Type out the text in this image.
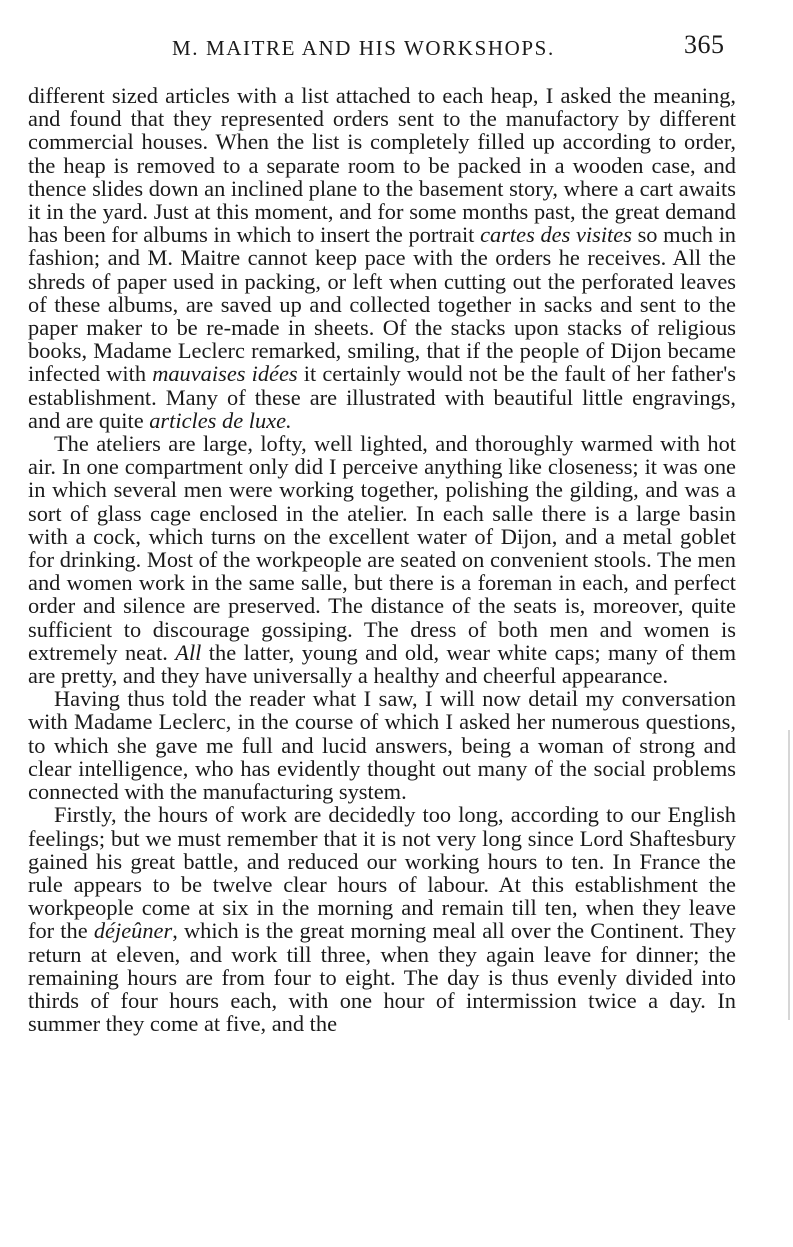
M. MAITRE AND HIS WORKSHOPS.	365

different sized articles with a list attached to each heap, I asked the meaning, and found that they represented orders sent to the manufactory by different commercial houses. When the list is completely filled up according to order, the heap is removed to a separate room to be packed in a wooden case, and thence slides down an inclined plane to the basement story, where a cart awaits it in the yard. Just at this moment, and for some months past, the great demand has been for albums in which to insert the portrait cartes des visites so much in fashion; and M. Maitre cannot keep pace with the orders he receives. All the shreds of paper used in packing, or left when cutting out the perforated leaves of these albums, are saved up and collected together in sacks and sent to the paper maker to be re-made in sheets. Of the stacks upon stacks of religious books, Madame Leclerc remarked, smiling, that if the people of Dijon became infected with mauvaises idées it certainly would not be the fault of her father's establishment. Many of these are illustrated with beautiful little engravings, and are quite articles de luxe.

The ateliers are large, lofty, well lighted, and thoroughly warmed with hot air. In one compartment only did I perceive anything like closeness; it was one in which several men were working together, polishing the gilding, and was a sort of glass cage enclosed in the atelier. In each salle there is a large basin with a cock, which turns on the excellent water of Dijon, and a metal goblet for drinking. Most of the workpeople are seated on convenient stools. The men and women work in the same salle, but there is a foreman in each, and perfect order and silence are preserved. The distance of the seats is, moreover, quite sufficient to discourage gossiping. The dress of both men and women is extremely neat. All the latter, young and old, wear white caps; many of them are pretty, and they have universally a healthy and cheerful appearance.

Having thus told the reader what I saw, I will now detail my conversation with Madame Leclerc, in the course of which I asked her numerous questions, to which she gave me full and lucid answers, being a woman of strong and clear intelligence, who has evidently thought out many of the social problems connected with the manufacturing system.

Firstly, the hours of work are decidedly too long, according to our English feelings; but we must remember that it is not very long since Lord Shaftesbury gained his great battle, and reduced our working hours to ten. In France the rule appears to be twelve clear hours of labour. At this establishment the workpeople come at six in the morning and remain till ten, when they leave for the déjeûner, which is the great morning meal all over the Continent. They return at eleven, and work till three, when they again leave for dinner; the remaining hours are from four to eight. The day is thus evenly divided into thirds of four hours each, with one hour of intermission twice a day. In summer they come at five, and the
